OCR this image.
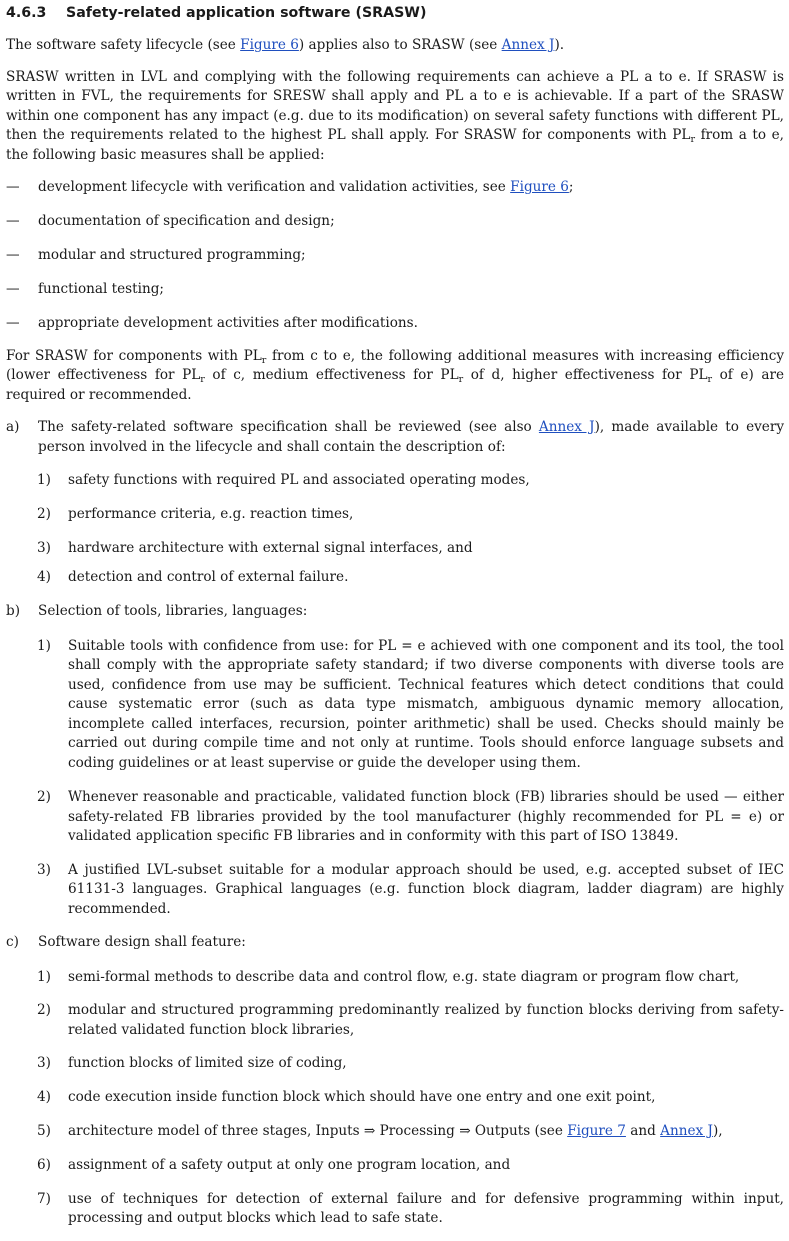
4.6.3	Safety-related application software (SRASW)

The software safety lifecycle (see Figure 6) applies also to SRASW (see Annex J).

SRASW written in LVL and complying with the following requirements can achieve a PL a to e. If SRASW is written in FVL, the requirements for SRESW shall apply and PL a to e is achievable. If a part of the SRASW within one component has any impact (e.g. due to its modification) on several safety functions with different PL, then the requirements related to the highest PL shall apply. For SRASW for components with $PL_r$ from a to e, the following basic measures shall be applied:

—	development lifecycle with verification and validation activities, see Figure 6;
—	documentation of specification and design;
—	modular and structured programming;
—	functional testing;
—	appropriate development activities after modifications.

For SRASW for components with $PL_r$ from c to e, the following additional measures with increasing efficiency (lower effectiveness for $PL_r$ of c, medium effectiveness for $PL_r$ of d, higher effectiveness for $PL_r$ of e) are required or recommended.

a)	The safety-related software specification shall be reviewed (see also Annex J), made available to every person involved in the lifecycle and shall contain the description of:
1)	safety functions with required PL and associated operating modes,
2)	performance criteria, e.g. reaction times,
3)	hardware architecture with external signal interfaces, and
4)	detection and control of external failure.
b)	Selection of tools, libraries, languages:
1)	Suitable tools with confidence from use: for PL = e achieved with one component and its tool, the tool shall comply with the appropriate safety standard; if two diverse components with diverse tools are used, confidence from use may be sufficient. Technical features which detect conditions that could cause systematic error (such as data type mismatch, ambiguous dynamic memory allocation, incomplete called interfaces, recursion, pointer arithmetic) shall be used. Checks should mainly be carried out during compile time and not only at runtime. Tools should enforce language subsets and coding guidelines or at least supervise or guide the developer using them.
2)	Whenever reasonable and practicable, validated function block (FB) libraries should be used — either safety-related FB libraries provided by the tool manufacturer (highly recommended for PL = e) or validated application specific FB libraries and in conformity with this part of ISO 13849.
3)	A justified LVL-subset suitable for a modular approach should be used, e.g. accepted subset of IEC 61131-3 languages. Graphical languages (e.g. function block diagram, ladder diagram) are highly recommended.
c)	Software design shall feature:
1)	semi-formal methods to describe data and control flow, e.g. state diagram or program flow chart,
2)	modular and structured programming predominantly realized by function blocks deriving from safety-related validated function block libraries,
3)	function blocks of limited size of coding,
4)	code execution inside function block which should have one entry and one exit point,
5)	architecture model of three stages, Inputs ⇒ Processing ⇒ Outputs (see Figure 7 and Annex J),
6)	assignment of a safety output at only one program location, and
7)	use of techniques for detection of external failure and for defensive programming within input, processing and output blocks which lead to safe state.
